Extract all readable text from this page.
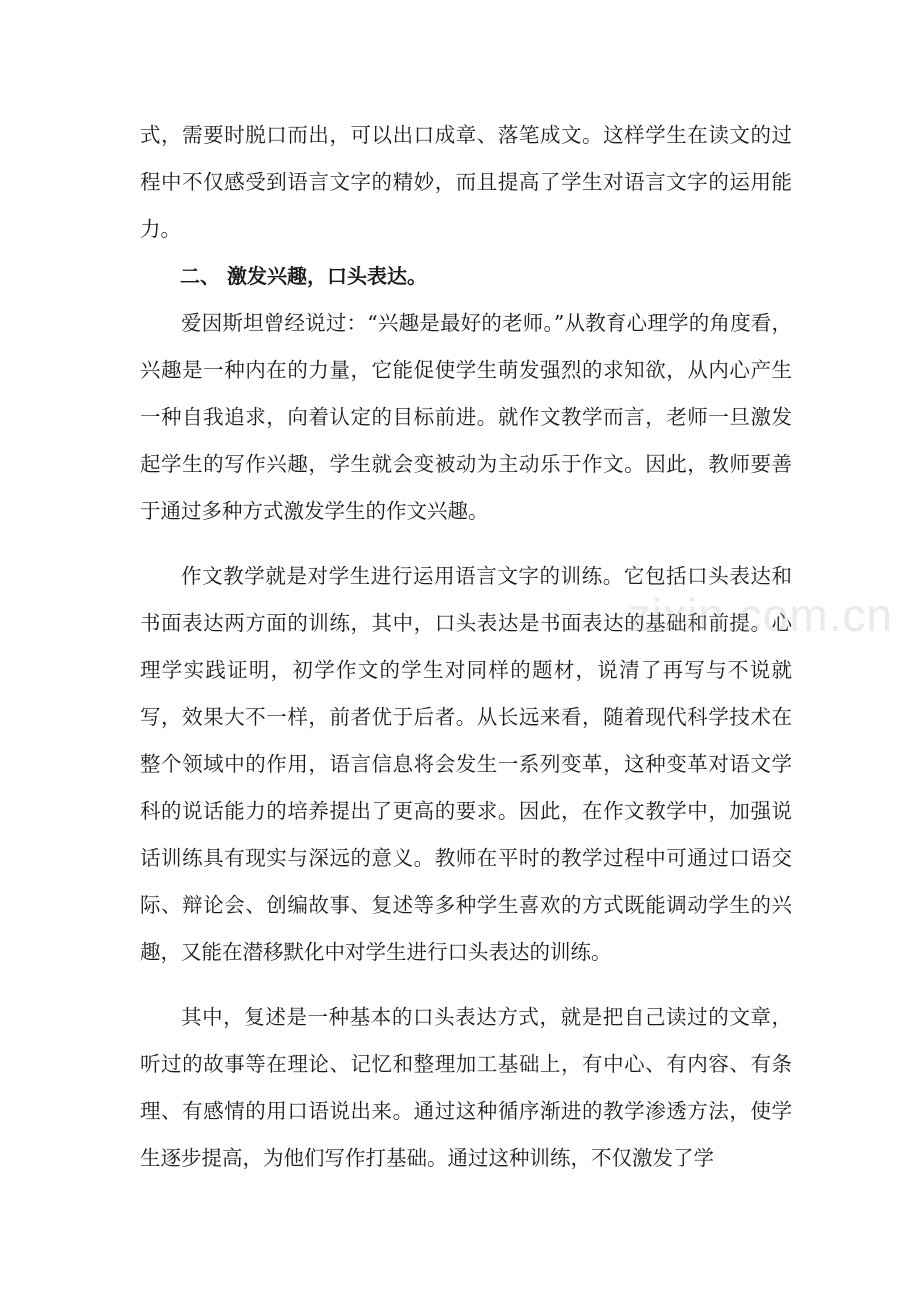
式，需要时脱口而出，可以出口成章、落笔成文。这样学生在读文的过程中不仅感受到语言文字的精妙，而且提高了学生对语言文字的运用能力。

二、 激发兴趣，口头表达。

爱因斯坦曾经说过：“兴趣是最好的老师。”从教育心理学的角度看，兴趣是一种内在的力量，它能促使学生萌发强烈的求知欲，从内心产生一种自我追求，向着认定的目标前进。就作文教学而言，老师一旦激发起学生的写作兴趣，学生就会变被动为主动乐于作文。因此，教师要善于通过多种方式激发学生的作文兴趣。

作文教学就是对学生进行运用语言文字的训练。它包括口头表达和书面表达两方面的训练，其中，口头表达是书面表达的基础和前提。心理学实践证明，初学作文的学生对同样的题材，说清了再写与不说就写，效果大不一样，前者优于后者。从长远来看，随着现代科学技术在整个领域中的作用，语言信息将会发生一系列变革，这种变革对语文学科的说话能力的培养提出了更高的要求。因此，在作文教学中，加强说话训练具有现实与深远的意义。教师在平时的教学过程中可通过口语交际、辩论会、创编故事、复述等多种学生喜欢的方式既能调动学生的兴趣，又能在潜移默化中对学生进行口头表达的训练。

其中，复述是一种基本的口头表达方式，就是把自己读过的文章，听过的故事等在理论、记忆和整理加工基础上，有中心、有内容、有条理、有感情的用口语说出来。通过这种循序渐进的教学渗透方法，使学生逐步提高，为他们写作打基础。通过这种训练，不仅激发了学

zixin.com.cn
